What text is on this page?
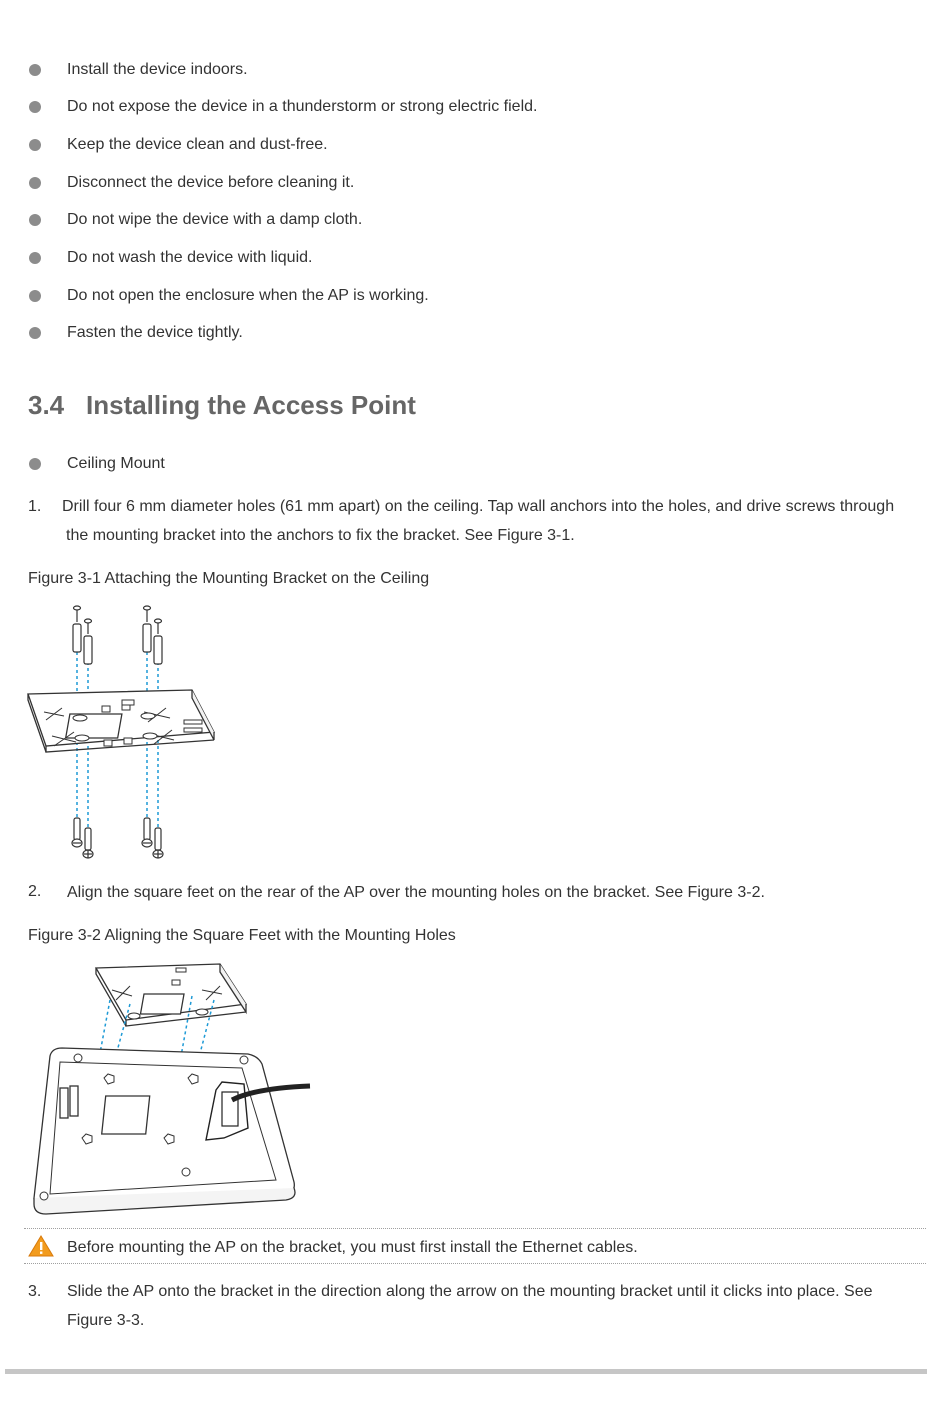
Install the device indoors.
Do not expose the device in a thunderstorm or strong electric field.
Keep the device clean and dust-free.
Disconnect the device before cleaning it.
Do not wipe the device with a damp cloth.
Do not wash the device with liquid.
Do not open the enclosure when the AP is working.
Fasten the device tightly.
3.4 Installing the Access Point
Ceiling Mount
1. Drill four 6 mm diameter holes (61 mm apart) on the ceiling. Tap wall anchors into the holes, and drive screws through the mounting bracket into the anchors to fix the bracket. See Figure 3-1.
Figure 3-1 Attaching the Mounting Bracket on the Ceiling
2. Align the square feet on the rear of the AP over the mounting holes on the bracket. See Figure 3-2.
Figure 3-2 Aligning the Square Feet with the Mounting Holes
Before mounting the AP on the bracket, you must first install the Ethernet cables.
3. Slide the AP onto the bracket in the direction along the arrow on the mounting bracket until it clicks into place. See Figure 3-3.
